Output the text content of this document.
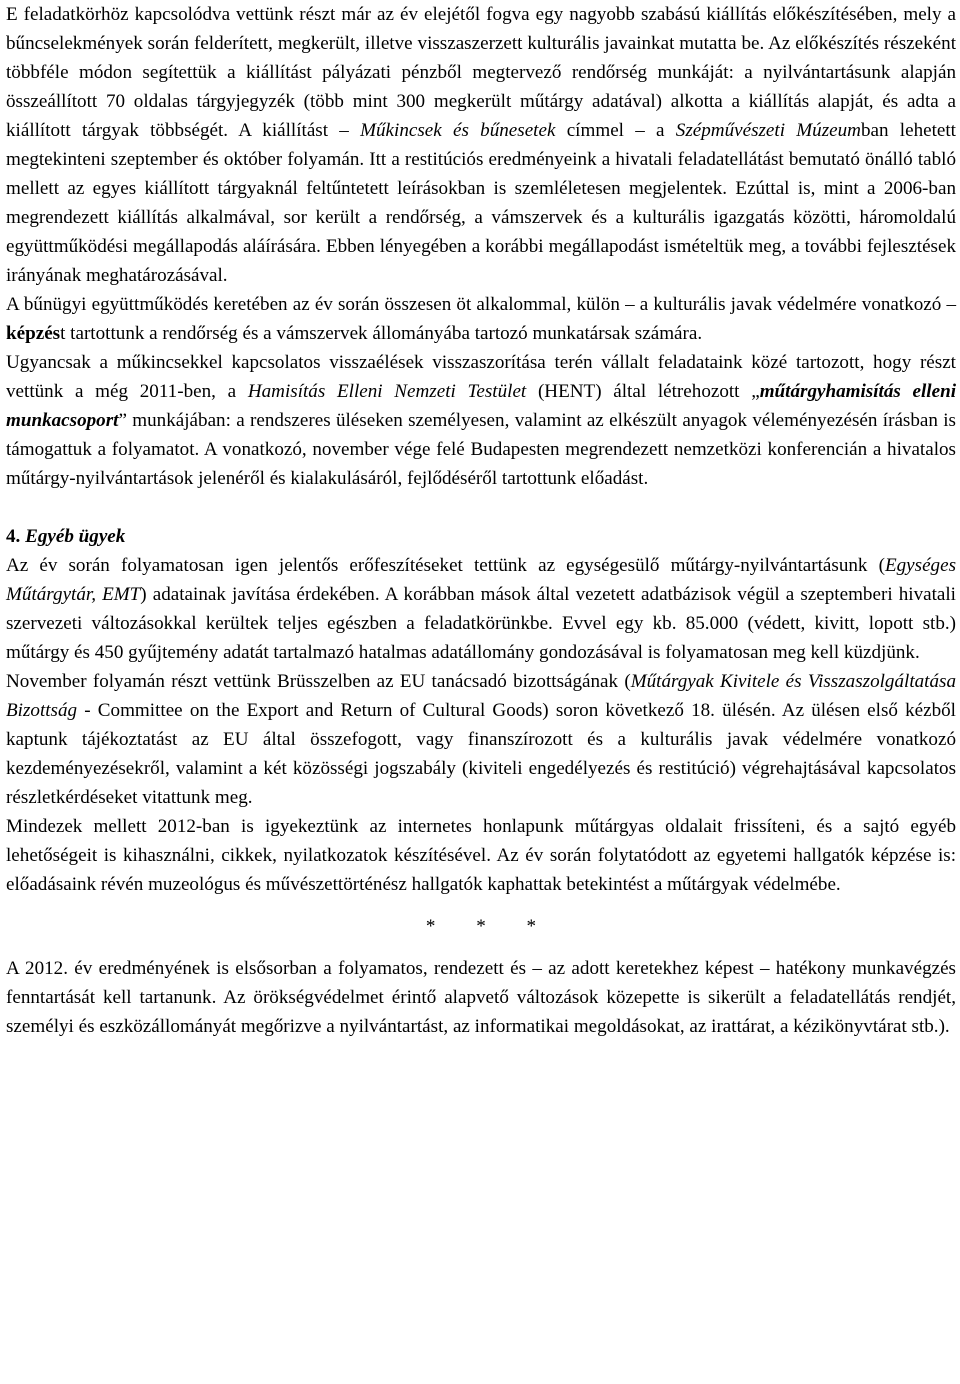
E feladatkörhöz kapcsolódva vettünk részt már az év elejétől fogva egy nagyobb szabású kiállítás előkészítésében, mely a bűncselekmények során felderített, megkerült, illetve visszaszerzett kulturális javainkat mutatta be. Az előkészítés részeként többféle módon segítettük a kiállítást pályázati pénzből megtervező rendőrség munkáját: a nyilvántartásunk alapján összeállított 70 oldalas tárgyjegyzék (több mint 300 megkerült műtárgy adatával) alkotta a kiállítás alapját, és adta a kiállított tárgyak többségét. A kiállítást – Műkincsek és bűnesetek címmel – a Szépművészeti Múzeumban lehetett megtekinteni szeptember és október folyamán. Itt a restitúciós eredményeink a hivatali feladatellátást bemutató önálló tabló mellett az egyes kiállított tárgyaknál feltűntetett leírásokban is szemléletesen megjelentek. Ezúttal is, mint a 2006-ban megrendezett kiállítás alkalmával, sor került a rendőrség, a vámszervek és a kulturális igazgatás közötti, háromoldalú együttműködési megállapodás aláírására. Ebben lényegében a korábbi megállapodást ismételtük meg, a további fejlesztések irányának meghatározásával.

A bűnügyi együttműködés keretében az év során összesen öt alkalommal, külön – a kulturális javak védelmére vonatkozó – képzést tartottunk a rendőrség és a vámszervek állományába tartozó munkatársak számára.

Ugyancsak a műkincsekkel kapcsolatos visszaélések visszaszorítása terén vállalt feladataink közé tartozott, hogy részt vettünk a még 2011-ben, a Hamisítás Elleni Nemzeti Testület (HENT) által létrehozott „műtárgyhamisítás elleni munkacsoport” munkájában: a rendszeres üléseken személyesen, valamint az elkészült anyagok véleményezésén írásban is támogattuk a folyamatot. A vonatkozó, november vége felé Budapesten megrendezett nemzetközi konferencián a hivatalos műtárgy-nyilvántartások jelenéről és kialakulásáról, fejlődéséről tartottunk előadást.

4. Egyéb ügyek

Az év során folyamatosan igen jelentős erőfeszítéseket tettünk az egységesülő műtárgy-nyilvántartásunk (Egységes Műtárgytár, EMT) adatainak javítása érdekében. A korábban mások által vezetett adatbázisok végül a szeptemberi hivatali szervezeti változásokkal kerültek teljes egészben a feladatkörünkbe. Evvel egy kb. 85.000 (védett, kivitt, lopott stb.) műtárgy és 450 gyűjtemény adatát tartalmazó hatalmas adatállomány gondozásával is folyamatosan meg kell küzdjünk.

November folyamán részt vettünk Brüsszelben az EU tanácsadó bizottságának (Műtárgyak Kivitele és Visszaszolgáltatása Bizottság - Committee on the Export and Return of Cultural Goods) soron következő 18. ülésén. Az ülésen első kézből kaptunk tájékoztatást az EU által összefogott, vagy finanszírozott és a kulturális javak védelmére vonatkozó kezdeményezésekről, valamint a két közösségi jogszabály (kiviteli engedélyezés és restitúció) végrehajtásával kapcsolatos részletkérdéseket vitattunk meg.

Mindezek mellett 2012-ban is igyekeztünk az internetes honlapunk műtárgyas oldalait frissíteni, és a sajtó egyéb lehetőségeit is kihasználni, cikkek, nyilatkozatok készítésével. Az év során folytatódott az egyetemi hallgatók képzése is: előadásaink révén muzeológus és művészettörténész hallgatók kaphattak betekintést a műtárgyak védelmébe.

* * *

A 2012. év eredményének is elsősorban a folyamatos, rendezett és – az adott keretekhez képest – hatékony munkavégzés fenntartását kell tartanunk. Az örökségvédelmet érintő alapvető változások közepette is sikerült a feladatellátás rendjét, személyi és eszközállományát megőrizve a nyilvántartást, az informatikai megoldásokat, az irattárat, a kézikönyvtárat stb.).
